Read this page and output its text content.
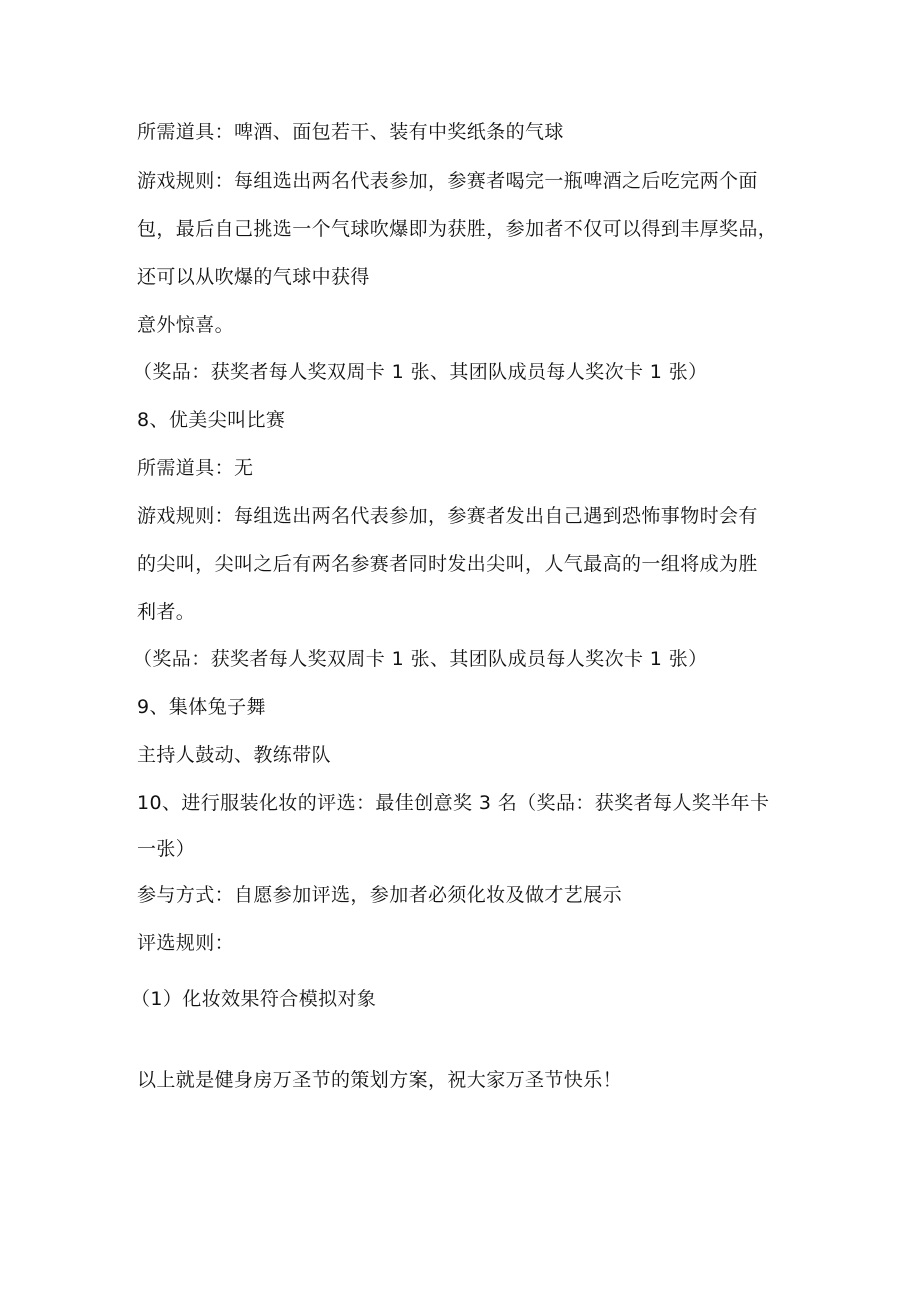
所需道具：啤酒、面包若干、装有中奖纸条的气球

游戏规则：每组选出两名代表参加，参赛者喝完一瓶啤酒之后吃完两个面

包，最后自己挑选一个气球吹爆即为获胜，参加者不仅可以得到丰厚奖品，

还可以从吹爆的气球中获得

意外惊喜。

（奖品：获奖者每人奖双周卡 1 张、其团队成员每人奖次卡 1 张）

8、优美尖叫比赛

所需道具：无

游戏规则：每组选出两名代表参加，参赛者发出自己遇到恐怖事物时会有

的尖叫，尖叫之后有两名参赛者同时发出尖叫，人气最高的一组将成为胜

利者。

（奖品：获奖者每人奖双周卡 1 张、其团队成员每人奖次卡 1 张）

9、集体兔子舞

主持人鼓动、教练带队

10、进行服装化妆的评选：最佳创意奖 3 名（奖品：获奖者每人奖半年卡

一张）

参与方式：自愿参加评选，参加者必须化妆及做才艺展示

评选规则：

（1）化妆效果符合模拟对象

以上就是健身房万圣节的策划方案，祝大家万圣节快乐！
